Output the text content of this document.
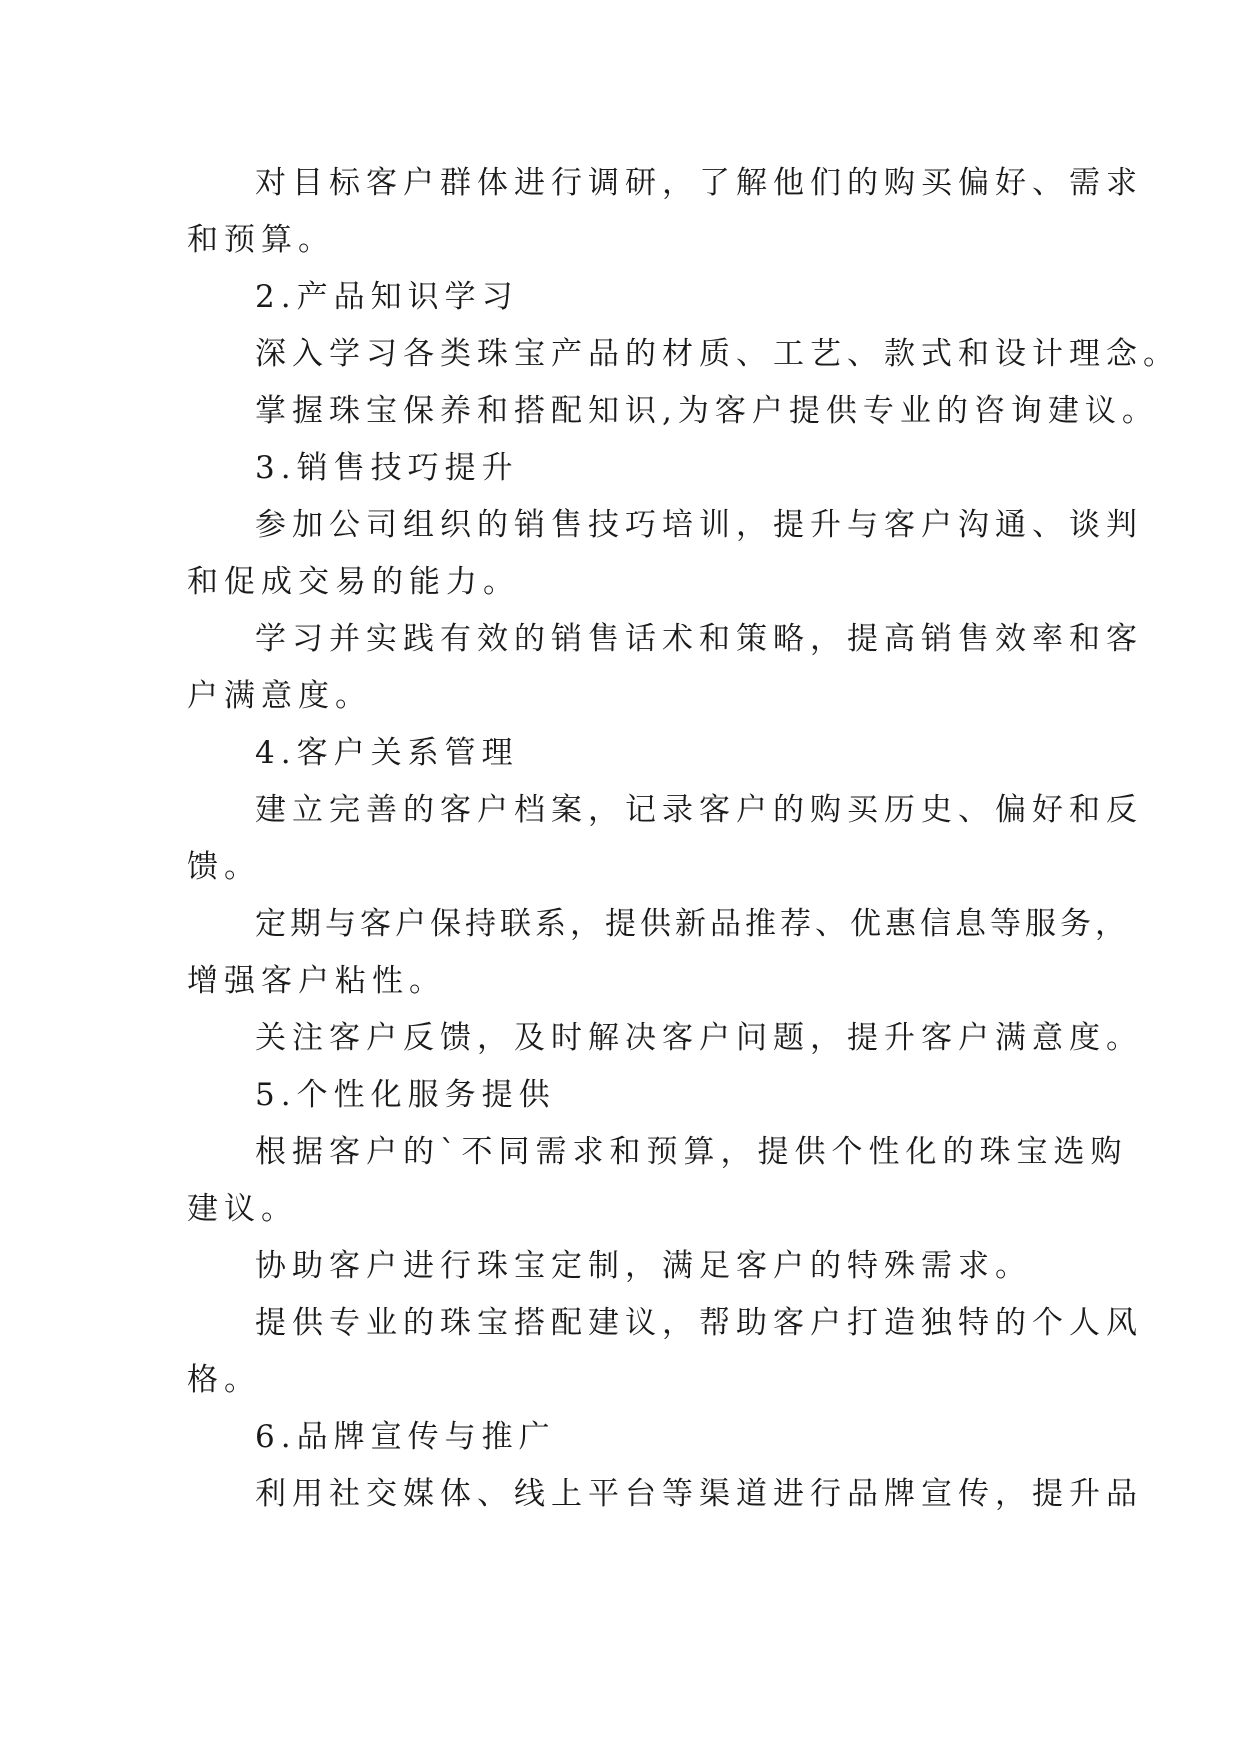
对目标客户群体进行调研，了解他们的购买偏好、需求
和预算。
2.产品知识学习
深入学习各类珠宝产品的材质、工艺、款式和设计理念。
掌握珠宝保养和搭配知识,为客户提供专业的咨询建议。
3.销售技巧提升
参加公司组织的销售技巧培训，提升与客户沟通、谈判
和促成交易的能力。
学习并实践有效的销售话术和策略，提高销售效率和客
户满意度。
4.客户关系管理
建立完善的客户档案，记录客户的购买历史、偏好和反
馈。
定期与客户保持联系，提供新品推荐、优惠信息等服务，
增强客户粘性。
关注客户反馈，及时解决客户问题，提升客户满意度。
5.个性化服务提供
根据客户的`不同需求和预算，提供个性化的珠宝选购
建议。
协助客户进行珠宝定制，满足客户的特殊需求。
提供专业的珠宝搭配建议，帮助客户打造独特的个人风
格。
6.品牌宣传与推广
利用社交媒体、线上平台等渠道进行品牌宣传，提升品
